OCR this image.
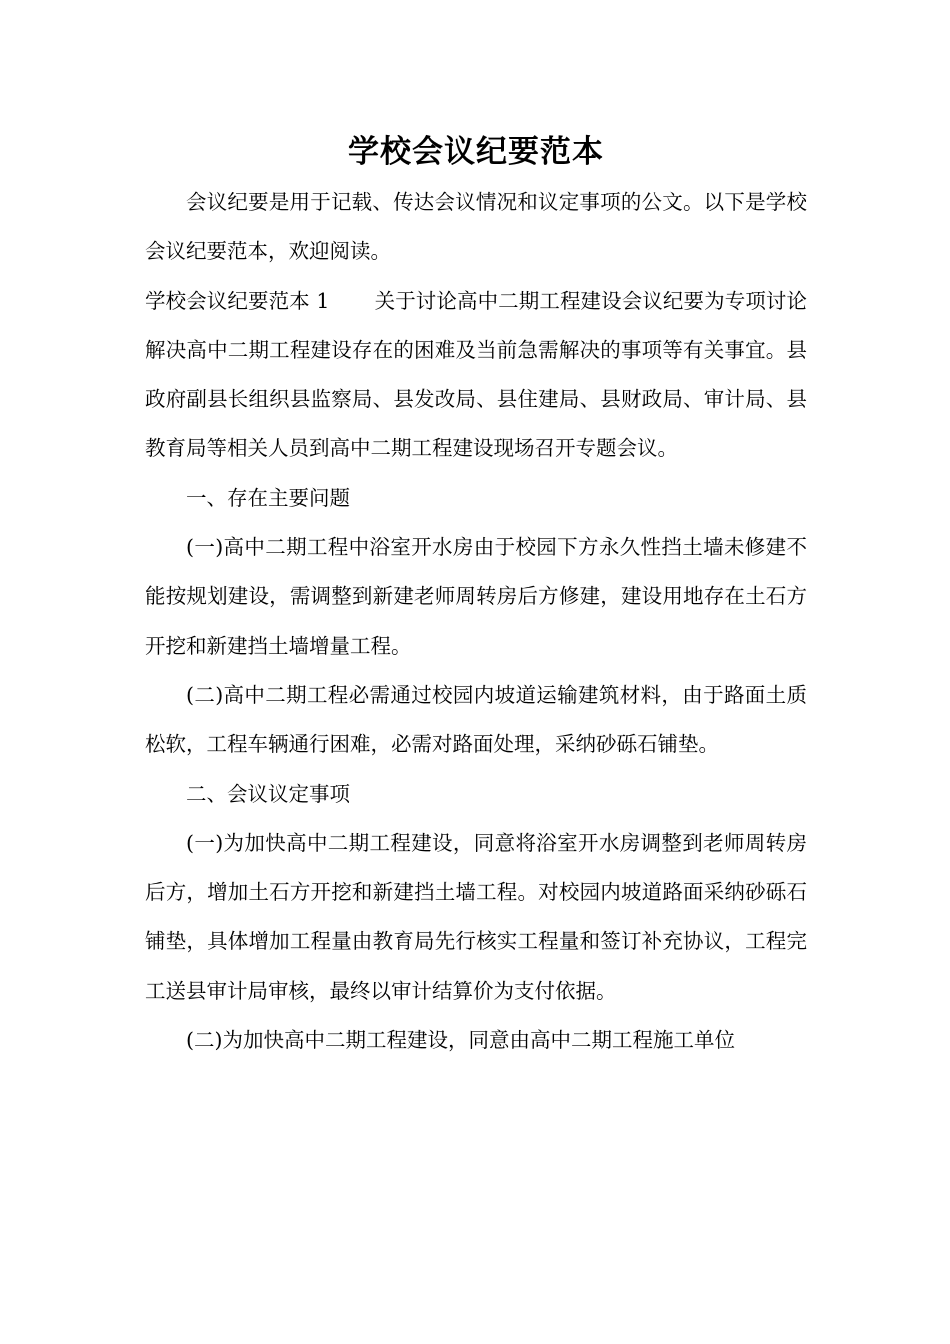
学校会议纪要范本

会议纪要是用于记载、传达会议情况和议定事项的公文。以下是学校会议纪要范本，欢迎阅读。

学校会议纪要范本 1 关于讨论高中二期工程建设会议纪要为专项讨论解决高中二期工程建设存在的困难及当前急需解决的事项等有关事宜。县政府副县长组织县监察局、县发改局、县住建局、县财政局、审计局、县教育局等相关人员到高中二期工程建设现场召开专题会议。

一、存在主要问题

(一)高中二期工程中浴室开水房由于校园下方永久性挡土墙未修建不能按规划建设，需调整到新建老师周转房后方修建，建设用地存在土石方开挖和新建挡土墙增量工程。

(二)高中二期工程必需通过校园内坡道运输建筑材料，由于路面土质松软，工程车辆通行困难，必需对路面处理，采纳砂砾石铺垫。

二、会议议定事项

(一)为加快高中二期工程建设，同意将浴室开水房调整到老师周转房后方，增加土石方开挖和新建挡土墙工程。对校园内坡道路面采纳砂砾石铺垫，具体增加工程量由教育局先行核实工程量和签订补充协议，工程完工送县审计局审核，最终以审计结算价为支付依据。

(二)为加快高中二期工程建设，同意由高中二期工程施工单位
